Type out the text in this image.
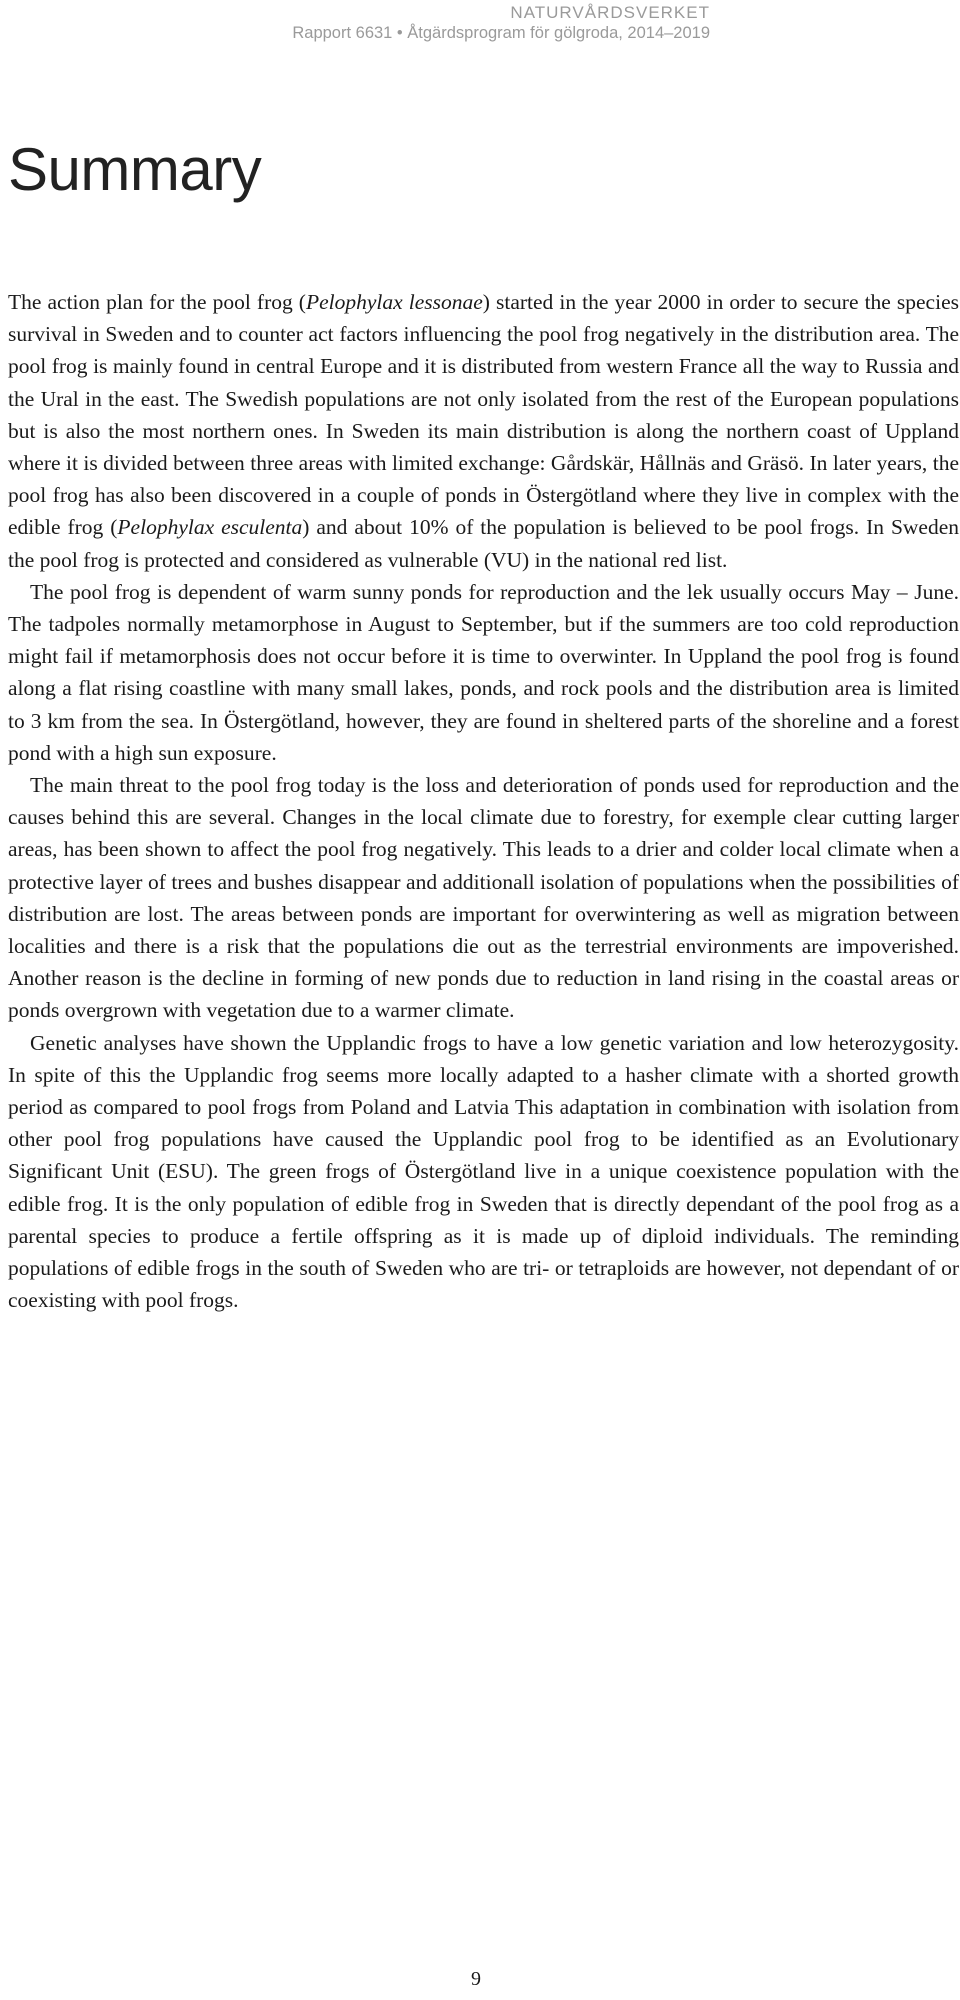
NATURVÅRDSVERKET
Rapport 6631 • Åtgärdsprogram för gölgroda, 2014–2019
Summary

The action plan for the pool frog (Pelophylax lessonae) started in the year 2000 in order to secure the species survival in Sweden and to counter act factors influencing the pool frog negatively in the distribution area. The pool frog is mainly found in central Europe and it is distributed from western France all the way to Russia and the Ural in the east. The Swedish populations are not only isolated from the rest of the European populations but is also the most northern ones. In Sweden its main distribution is along the northern coast of Uppland where it is divided between three areas with limited exchange: Gårdskär, Hållnäs and Gräsö. In later years, the pool frog has also been discovered in a couple of ponds in Östergötland where they live in complex with the edible frog (Pelophylax esculenta) and about 10% of the population is believed to be pool frogs. In Sweden the pool frog is protected and considered as vulnerable (VU) in the national red list.

The pool frog is dependent of warm sunny ponds for reproduction and the lek usually occurs May – June. The tadpoles normally metamorphose in August to September, but if the summers are too cold reproduction might fail if metamorphosis does not occur before it is time to overwinter. In Uppland the pool frog is found along a flat rising coastline with many small lakes, ponds, and rock pools and the distribution area is limited to 3 km from the sea. In Östergötland, however, they are found in sheltered parts of the shoreline and a forest pond with a high sun exposure.

The main threat to the pool frog today is the loss and deterioration of ponds used for reproduction and the causes behind this are several. Changes in the local climate due to forestry, for exemple clear cutting larger areas, has been shown to affect the pool frog negatively. This leads to a drier and colder local climate when a protective layer of trees and bushes disappear and additionall isolation of populations when the possibilities of distribution are lost. The areas between ponds are important for overwintering as well as migration between localities and there is a risk that the populations die out as the terrestrial environments are impoverished. Another reason is the decline in forming of new ponds due to reduction in land rising in the coastal areas or ponds overgrown with vegetation due to a warmer climate.

Genetic analyses have shown the Upplandic frogs to have a low genetic variation and low heterozygosity. In spite of this the Upplandic frog seems more locally adapted to a hasher climate with a shorted growth period as compared to pool frogs from Poland and Latvia This adaptation in combination with isolation from other pool frog populations have caused the Upplandic pool frog to be identified as an Evolutionary Significant Unit (ESU). The green frogs of Östergötland live in a unique coexistence population with the edible frog. It is the only population of edible frog in Sweden that is directly dependant of the pool frog as a parental species to produce a fertile offspring as it is made up of diploid individuals. The reminding populations of edible frogs in the south of Sweden who are tri- or tetraploids are however, not dependant of or coexisting with pool frogs.

9
